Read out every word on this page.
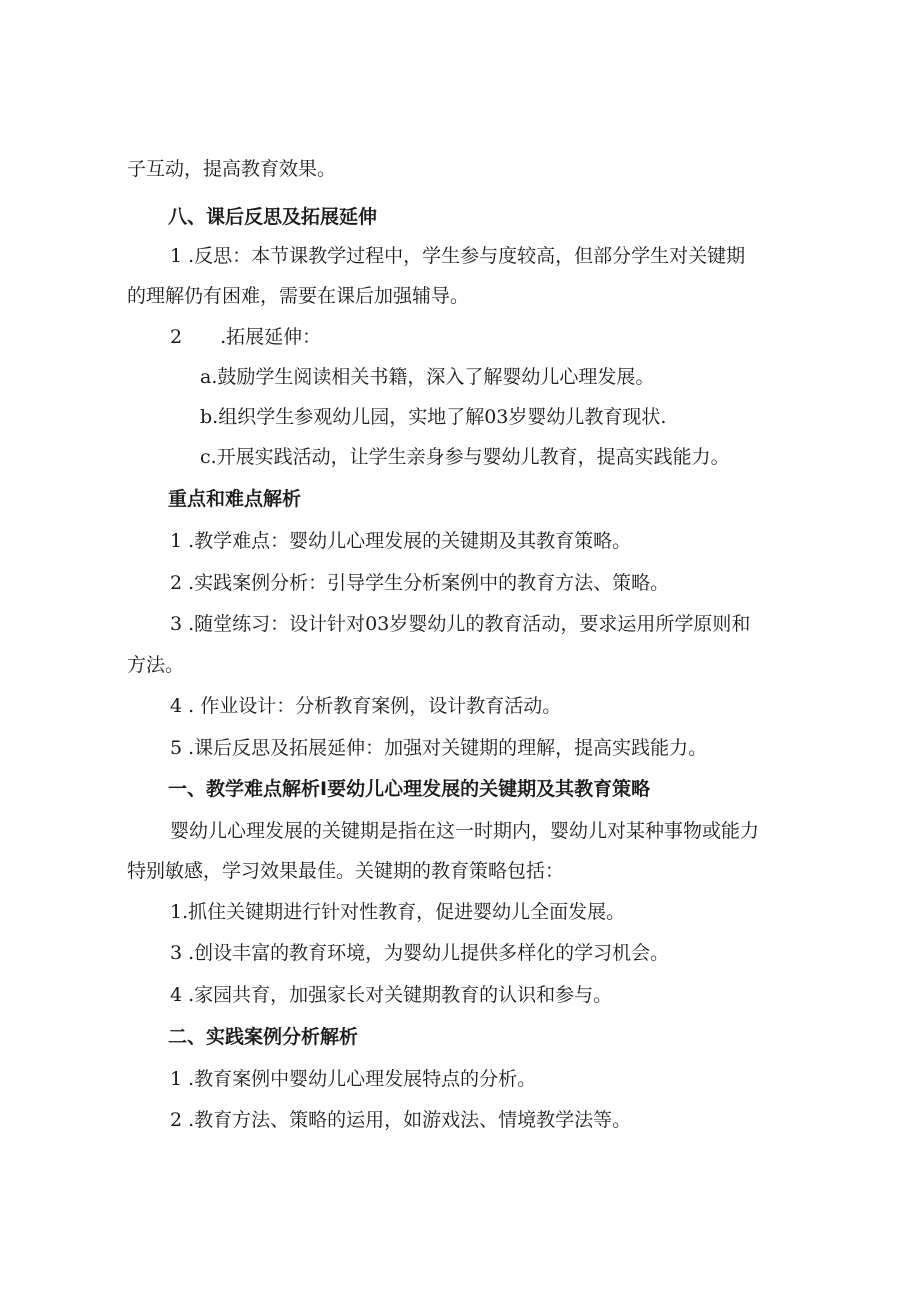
子互动，提高教育效果。
八、课后反思及拓展延伸
1 .反思：本节课教学过程中，学生参与度较高，但部分学生对关键期
的理解仍有困难，需要在课后加强辅导。
2　　.拓展延伸：
a.鼓励学生阅读相关书籍，深入了解婴幼儿心理发展。
b.组织学生参观幼儿园，实地了解03岁婴幼儿教育现状.
c.开展实践活动，让学生亲身参与婴幼儿教育，提高实践能力。
重点和难点解析
1 .教学难点：婴幼儿心理发展的关键期及其教育策略。
2 .实践案例分析：引导学生分析案例中的教育方法、策略。
3 .随堂练习：设计针对03岁婴幼儿的教育活动，要求运用所学原则和
方法。
4 . 作业设计：分析教育案例，设计教育活动。
5 .课后反思及拓展延伸：加强对关键期的理解，提高实践能力。
一、教学难点解析I要幼儿心理发展的关键期及其教育策略
婴幼儿心理发展的关键期是指在这一时期内，婴幼儿对某种事物或能力
特别敏感，学习效果最佳。关键期的教育策略包括：
1.抓住关键期进行针对性教育，促进婴幼儿全面发展。
3 .创设丰富的教育环境，为婴幼儿提供多样化的学习机会。
4 .家园共育，加强家长对关键期教育的认识和参与。
二、实践案例分析解析
1 .教育案例中婴幼儿心理发展特点的分析。
2 .教育方法、策略的运用，如游戏法、情境教学法等。
